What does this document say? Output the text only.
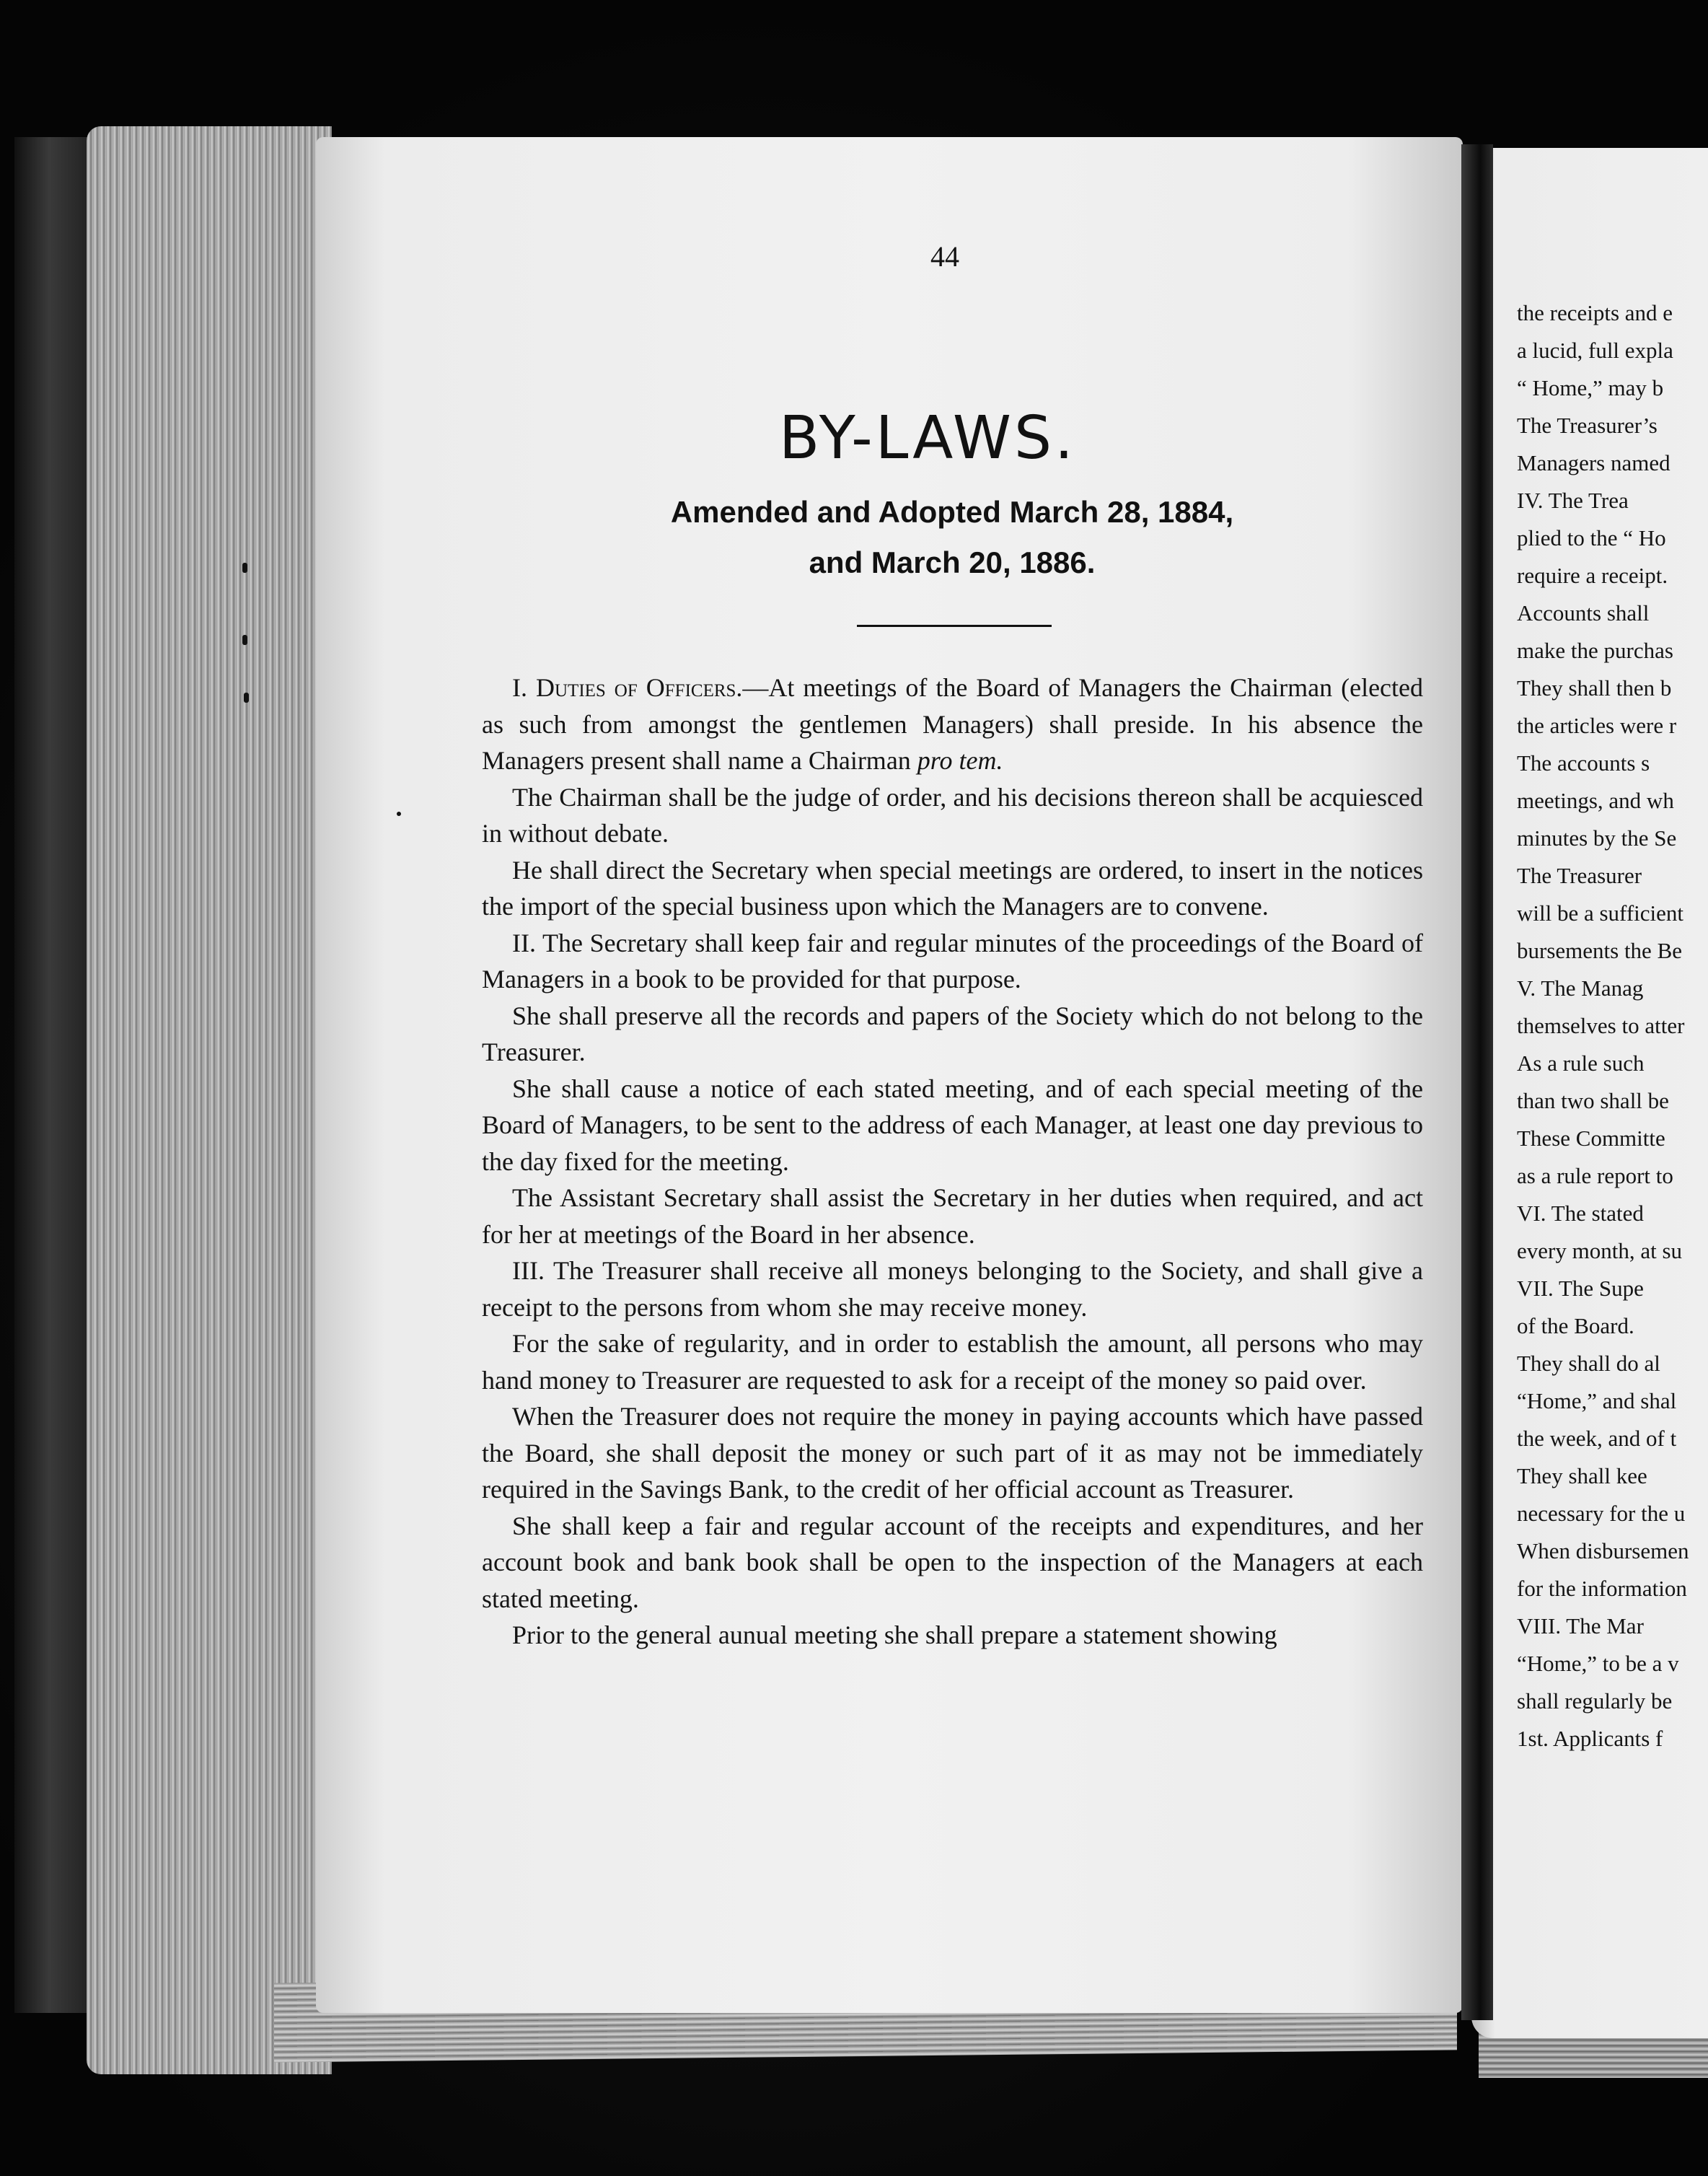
44
BY-LAWS.
Amended and Adopted March 28, 1884,
and March 20, 1886.

I. Duties of Officers.—At meetings of the Board of Managers the Chairman (elected as such from amongst the gentlemen Managers) shall preside. In his absence the Managers present shall name a Chairman pro tem.

The Chairman shall be the judge of order, and his decisions thereon shall be acquiesced in without debate.

He shall direct the Secretary when special meetings are ordered, to insert in the notices the import of the special business upon which the Managers are to convene.

II. The Secretary shall keep fair and regular minutes of the proceedings of the Board of Managers in a book to be provided for that purpose.

She shall preserve all the records and papers of the Society which do not belong to the Treasurer.

She shall cause a notice of each stated meeting, and of each special meeting of the Board of Managers, to be sent to the address of each Manager, at least one day previous to the day fixed for the meeting.

The Assistant Secretary shall assist the Secretary in her duties when required, and act for her at meetings of the Board in her absence.

III. The Treasurer shall receive all moneys belonging to the Society, and shall give a receipt to the persons from whom she may receive money.

For the sake of regularity, and in order to establish the amount, all persons who may hand money to Treasurer are requested to ask for a receipt of the money so paid over.

When the Treasurer does not require the money in paying accounts which have passed the Board, she shall deposit the money or such part of it as may not be immediately required in the Savings Bank, to the credit of her official account as Treasurer.

She shall keep a fair and regular account of the receipts and expenditures, and her account book and bank book shall be open to the inspection of the Managers at each stated meeting.

Prior to the general aunual meeting she shall prepare a statement showing

the receipts and e
a lucid, full expla
“ Home,” may b
The Treasurer’s
Managers named
IV. The Trea
plied to the “ Ho
require a receipt.
Accounts shall
make the purchas
They shall then b
the articles were r
The accounts s
meetings, and wh
minutes by the Se
The Treasurer
will be a sufficient
bursements the Be
V. The Manag
themselves to atter
As a rule such
than two shall be
These Committe
as a rule report to
VI. The stated
every month, at su
VII. The Supe
of the Board.
They shall do al
“Home,” and shal
the week, and of t
They shall kee
necessary for the u
When disbursemen
for the information
VIII. The Mar
“Home,” to be a v
shall regularly be
1st. Applicants f
